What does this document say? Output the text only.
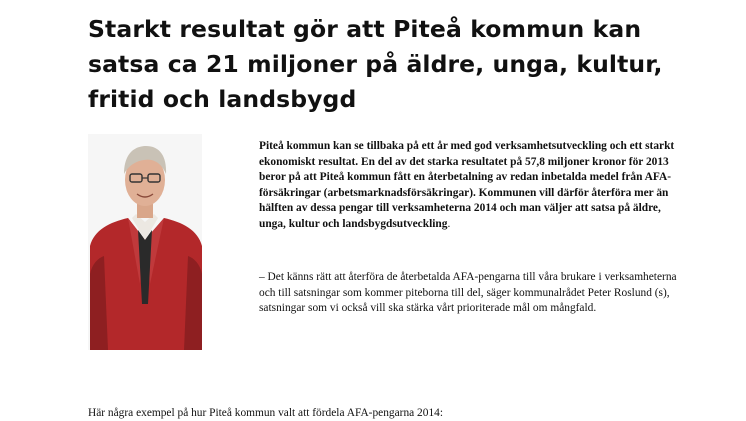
Starkt resultat gör att Piteå kommun kan satsa ca 21 miljoner på äldre, unga, kultur, fritid och landsbygd

Piteå kommun kan se tillbaka på ett år med god verksamhetsutveckling och ett starkt ekonomiskt resultat. En del av det starka resultatet på 57,8 miljoner kronor för 2013 beror på att Piteå kommun fått en återbetalning av redan inbetalda medel från AFA-försäkringar (arbetsmarknadsförsäkringar). Kommunen vill därför återföra mer än hälften av dessa pengar till verksamheterna 2014 och man väljer att satsa på äldre, unga, kultur och landsbygdsutveckling.

– Det känns rätt att återföra de återbetalda AFA-pengarna till våra brukare i verksamheterna och till satsningar som kommer piteborna till del, säger kommunalrådet Peter Roslund (s), satsningar som vi också vill ska stärka vårt prioriterade mål om mångfald.

Här några exempel på hur Piteå kommun valt att fördela AFA-pengarna 2014:
